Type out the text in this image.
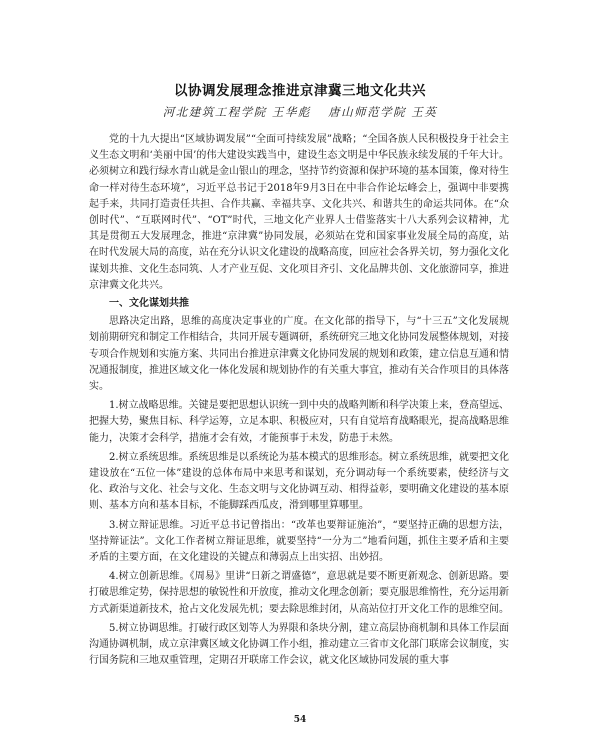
以协调发展理念推进京津冀三地文化共兴
河北建筑工程学院 王华彪 唐山师范学院 王英

党的十九大提出“区域协调发展”“全面可持续发展”战略；“全国各族人民积极投身于社会主义生态文明和‘美丽中国’的伟大建设实践当中，建设生态文明是中华民族永续发展的千年大计。必须树立和践行绿水青山就是金山银山的理念，坚持节约资源和保护环境的基本国策，像对待生命一样对待生态环境”，习近平总书记于2018年9月3日在中非合作论坛峰会上，强调中非要携起手来，共同打造责任共担、合作共赢、幸福共享、文化共兴、和谐共生的命运共同体。在“众创时代”、“互联网时代”、“OT”时代，三地文化产业界人士借鉴落实十八大系列会议精神，尤其是贯彻五大发展理念，推进“京津冀”协同发展，必须站在党和国家事业发展全局的高度，站在时代发展大局的高度，站在充分认识文化建设的战略高度，回应社会各界关切，努力强化文化谋划共推、文化生态同筑、人才产业互促、文化项目齐引、文化品牌共创、文化旅游同享，推进京津冀文化共兴。

一、文化谋划共推

思路决定出路，思维的高度决定事业的广度。在文化部的指导下，与“十三五”文化发展规划前期研究和制定工作相结合，共同开展专题调研，系统研究三地文化协同发展整体规划，对接专项合作规划和实施方案、共同出台推进京津冀文化协同发展的规划和政策，建立信息互通和情况通报制度，推进区域文化一体化发展和规划协作的有关重大事宜，推动有关合作项目的具体落实。

1.树立战略思维。关键是要把思想认识统一到中央的战略判断和科学决策上来，登高望远、把握大势，聚焦目标、科学运筹，立足本职、积极应对，只有自觉培育战略眼光，提高战略思维能力，决策才会科学，措施才会有效，才能预事于未发，防患于未然。

2.树立系统思维。系统思维是以系统论为基本模式的思维形态。树立系统思维，就要把文化建设放在“五位一体”建设的总体布局中来思考和谋划，充分调动每一个系统要素，使经济与文化、政治与文化、社会与文化、生态文明与文化协调互动、相得益彰，要明确文化建设的基本原则、基本方向和基本目标，不能脚踩西瓜皮，滑到哪里算哪里。

3.树立辩证思维。习近平总书记曾指出：“改革也要辩证施治”，“要坚持正确的思想方法，坚持辩证法”。文化工作者树立辩证思维，就要坚持“一分为二”地看问题，抓住主要矛盾和主要矛盾的主要方面，在文化建设的关键点和薄弱点上出实招、出妙招。

4.树立创新思维。《周易》里讲“日新之谓盛德”，意思就是要不断更新观念、创新思路。要打破思维定势，保持思想的敏锐性和开放度，推动文化理念创新；要克服思维惰性，充分运用新方式新渠道新技术，抢占文化发展先机；要去除思维封闭，从高站位打开文化工作的思维空间。

5.树立协调思维。打破行政区划等人为界限和条块分割，建立高层协商机制和具体工作层面沟通协调机制，成立京津冀区域文化协调工作小组，推动建立三省市文化部门联席会议制度，实行国务院和三地双重管理，定期召开联席工作会议，就文化区域协同发展的重大事

54
